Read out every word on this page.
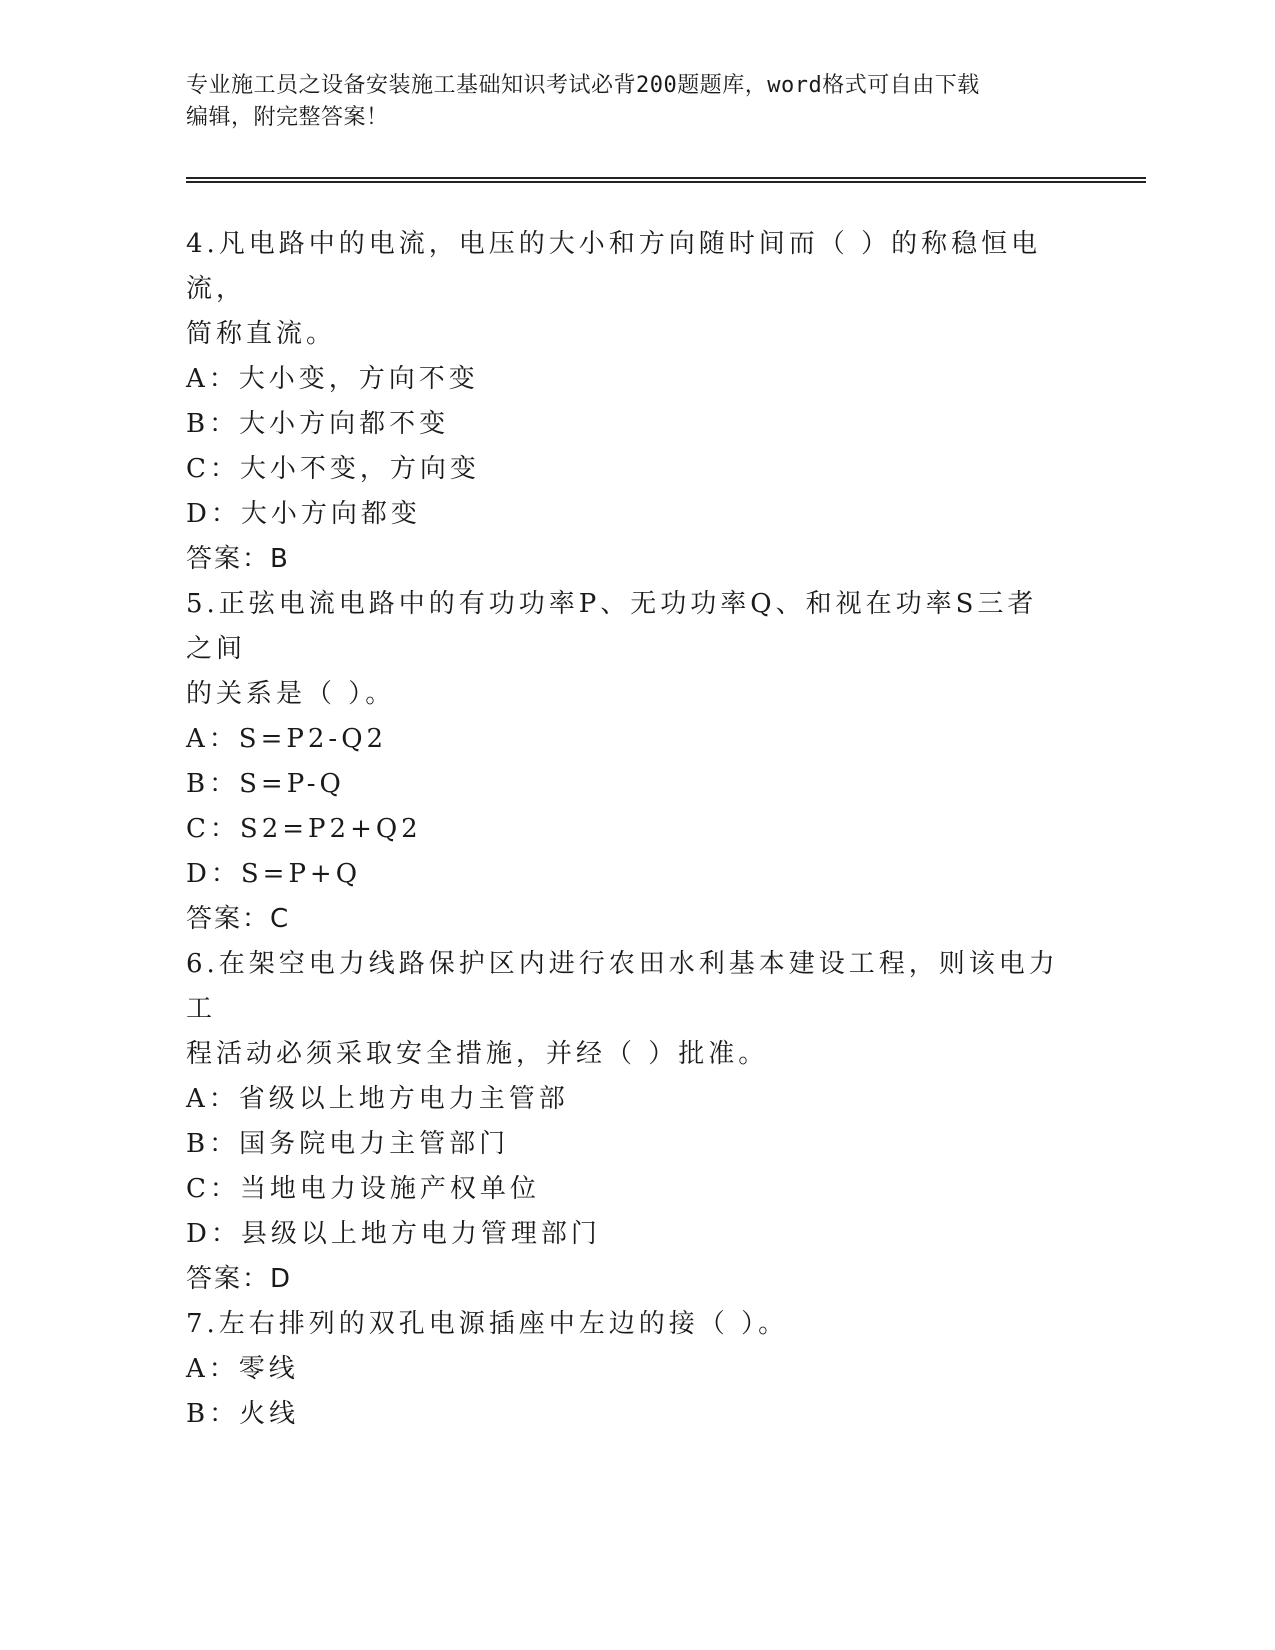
专业施工员之设备安装施工基础知识考试必背200题题库，word格式可自由下载
编辑，附完整答案！

4.凡电路中的电流，电压的大小和方向随时间而（ ）的称稳恒电流，

简称直流。

A：大小变，方向不变

B：大小方向都不变

C：大小不变，方向变

D：大小方向都变

答案：B

5.正弦电流电路中的有功功率P、无功功率Q、和视在功率S三者之间

的关系是（ ）。

A：S=P2-Q2

B：S=P-Q

C：S2=P2+Q2

D：S=P+Q

答案：C

6.在架空电力线路保护区内进行农田水利基本建设工程，则该电力工

程活动必须采取安全措施，并经（ ）批准。

A：省级以上地方电力主管部

B：国务院电力主管部门

C：当地电力设施产权单位

D：县级以上地方电力管理部门

答案：D

7.左右排列的双孔电源插座中左边的接（ ）。

A：零线

B：火线
